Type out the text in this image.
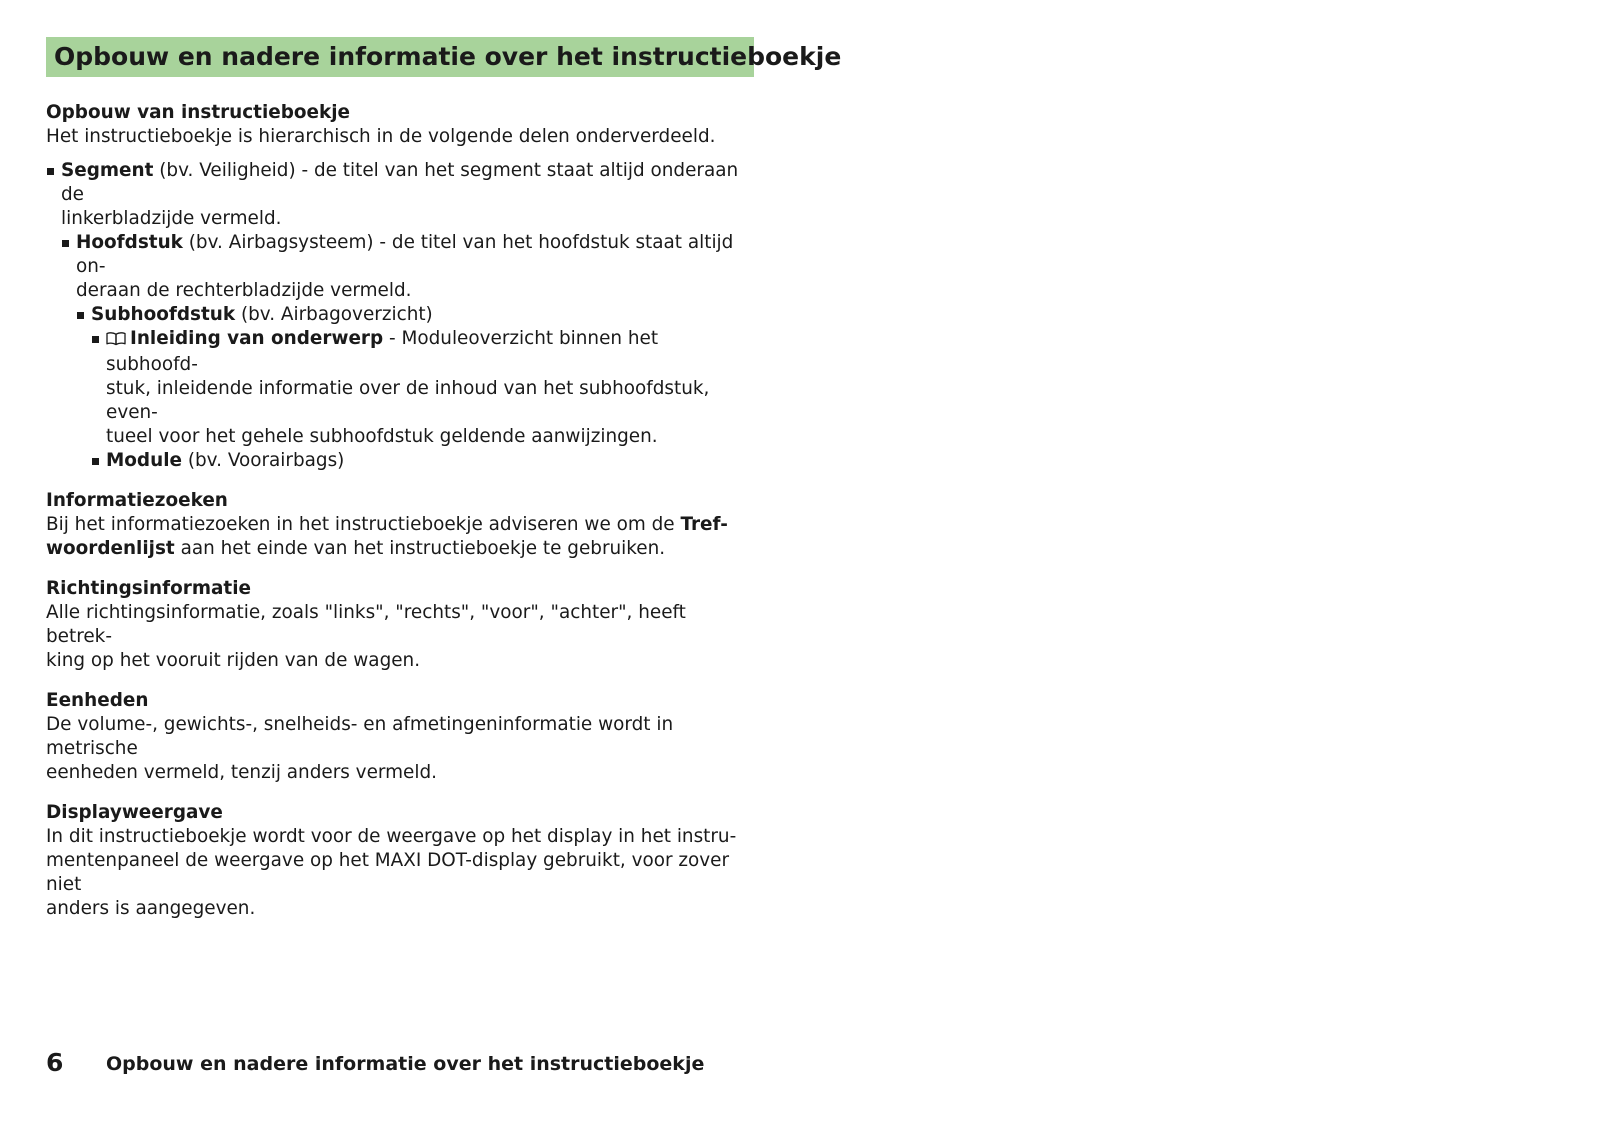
Opbouw en nadere informatie over het instructieboekje

Opbouw van instructieboekje

Het instructieboekje is hierarchisch in de volgende delen onderverdeeld.

Segment (bv. Veiligheid) - de titel van het segment staat altijd onderaan de
linkerbladzijde vermeld.
Hoofdstuk (bv. Airbagsysteem) - de titel van het hoofdstuk staat altijd on-
deraan de rechterbladzijde vermeld.
Subhoofdstuk (bv. Airbagoverzicht)
Inleiding van onderwerp - Moduleoverzicht binnen het subhoofd-
stuk, inleidende informatie over de inhoud van het subhoofdstuk, even-
tueel voor het gehele subhoofdstuk geldende aanwijzingen.
Module (bv. Voorairbags)

Informatiezoeken

Bij het informatiezoeken in het instructieboekje adviseren we om de Tref-
woordenlijst aan het einde van het instructieboekje te gebruiken.

Richtingsinformatie

Alle richtingsinformatie, zoals "links", "rechts", "voor", "achter", heeft betrek-
king op het vooruit rijden van de wagen.

Eenheden

De volume-, gewichts-, snelheids- en afmetingeninformatie wordt in metrische
eenheden vermeld, tenzij anders vermeld.

Displayweergave

In dit instructieboekje wordt voor de weergave op het display in het instru-
mentenpaneel de weergave op het MAXI DOT-display gebruikt, voor zover niet
anders is aangegeven.
6 Opbouw en nadere informatie over het instructieboekje
